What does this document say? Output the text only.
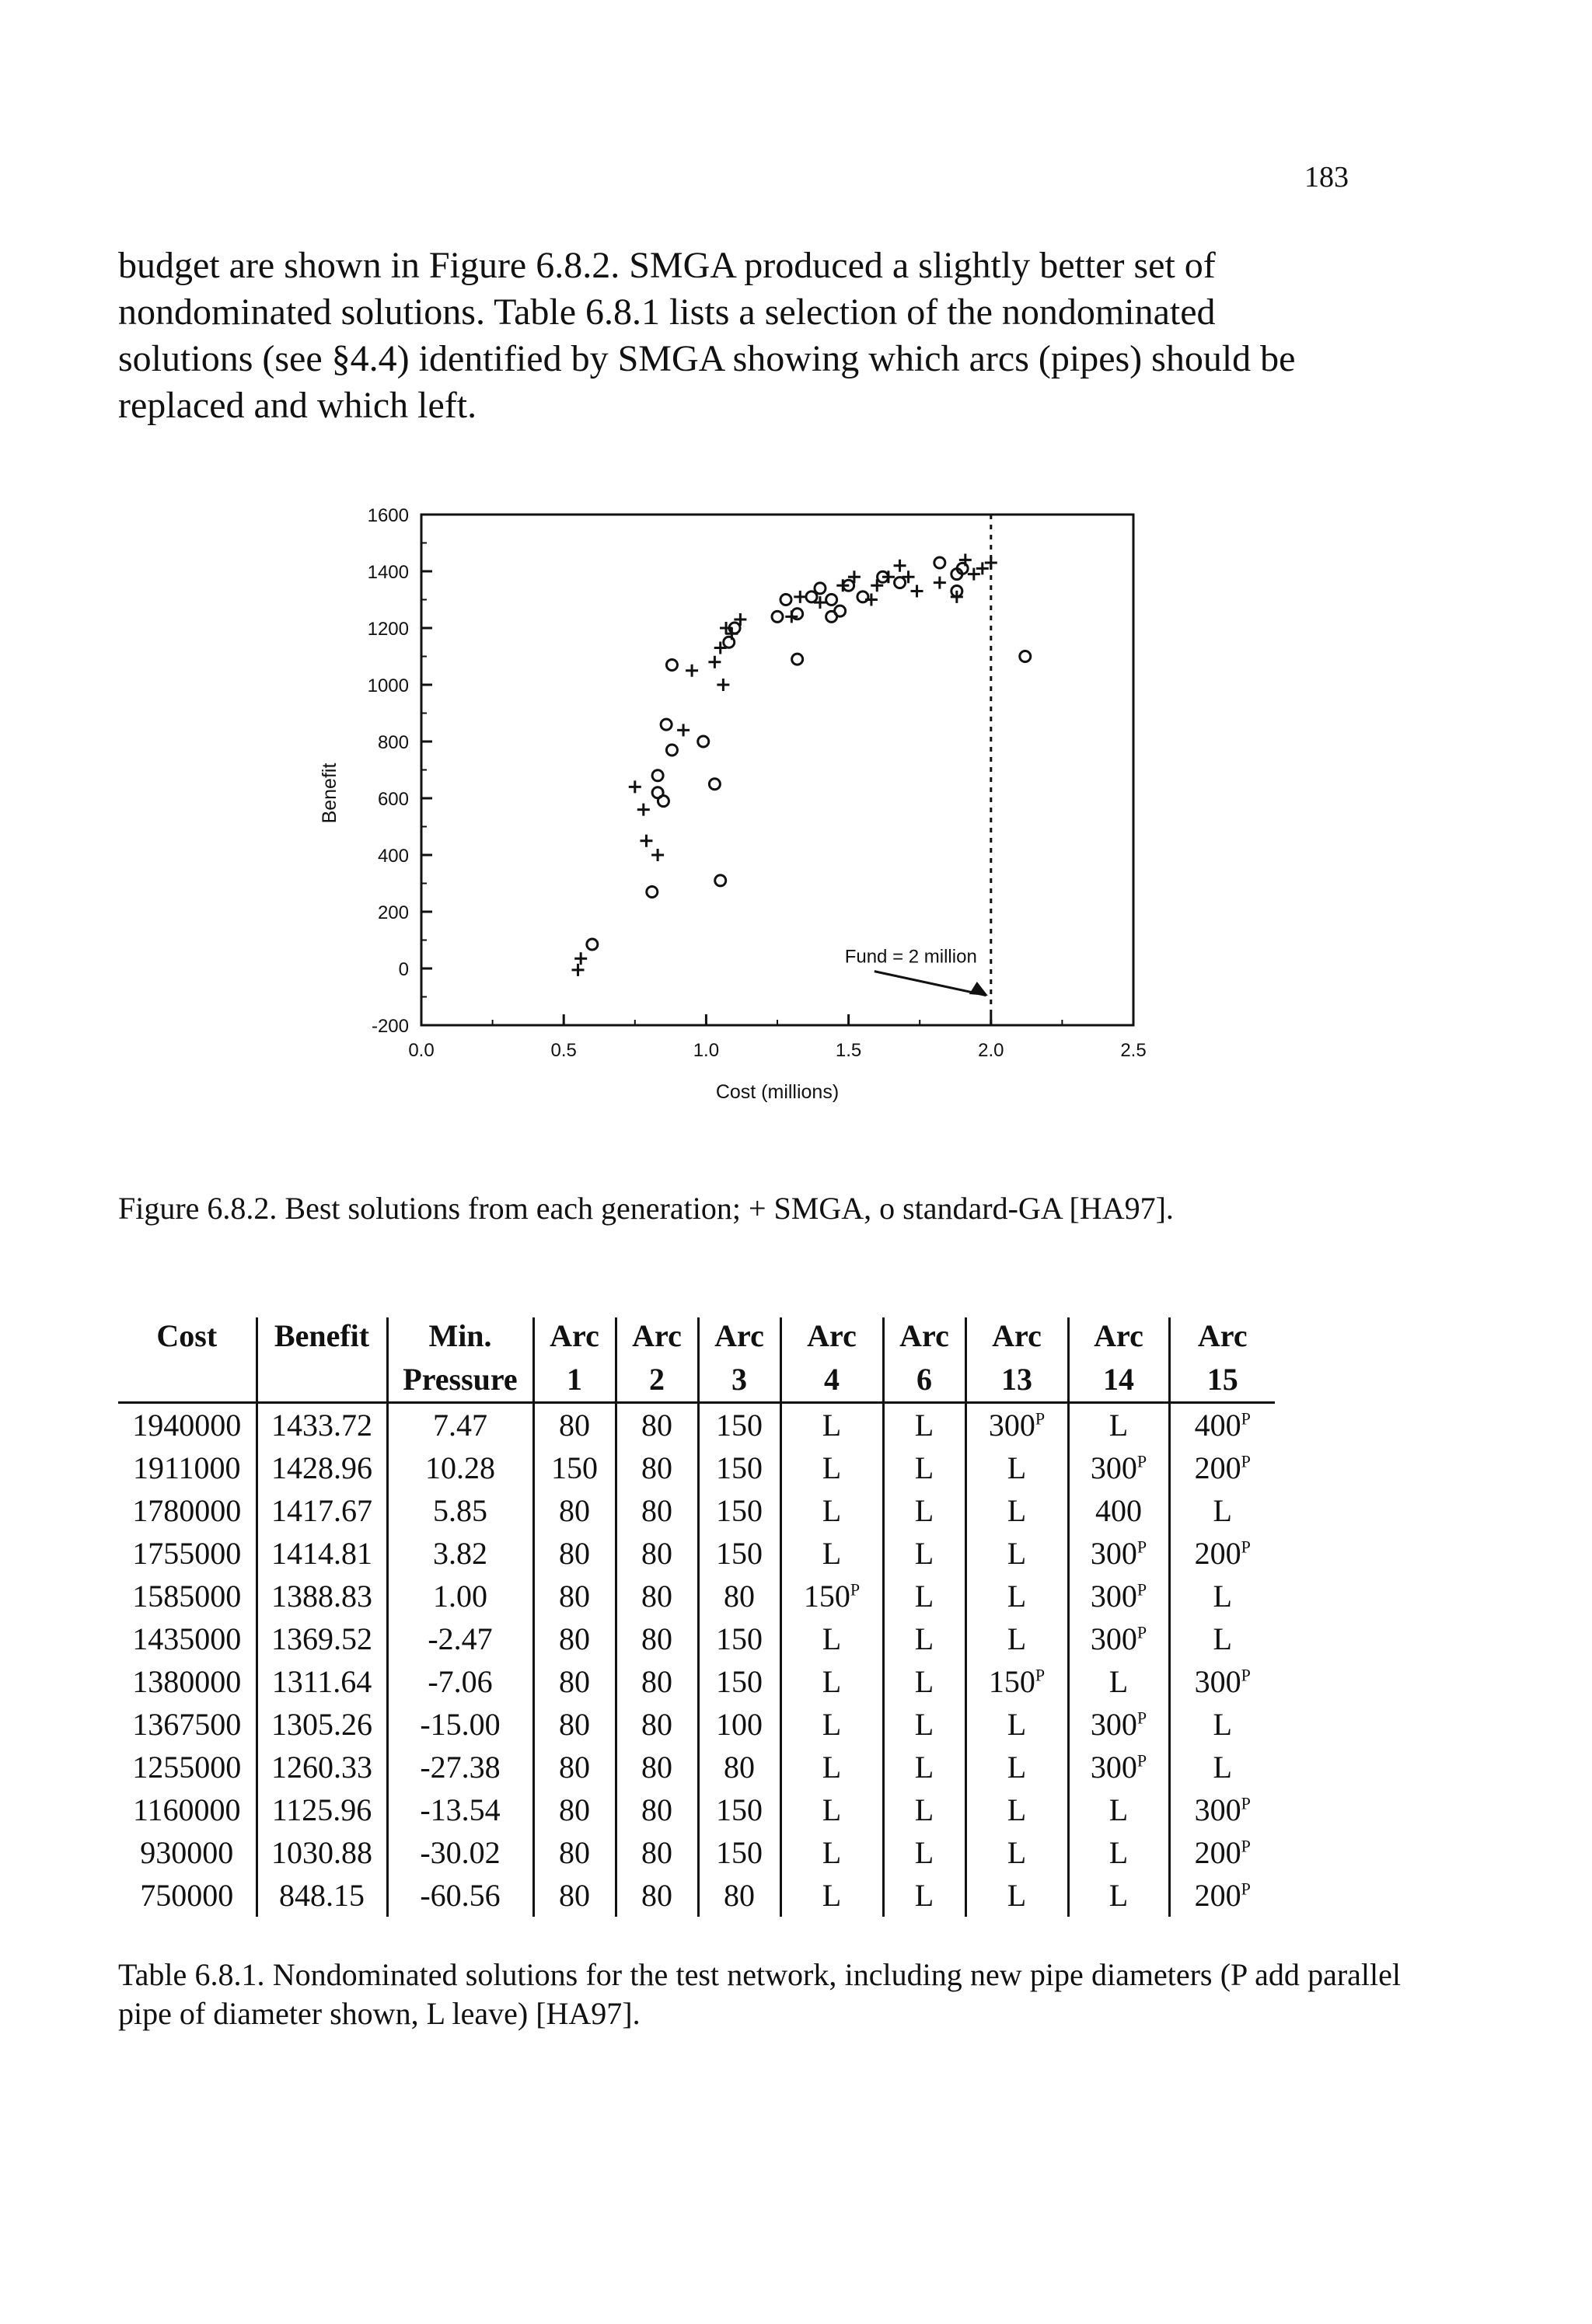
183
budget are shown in Figure 6.8.2. SMGA produced a slightly better set of
nondominated solutions. Table 6.8.1 lists a selection of the nondominated
solutions (see §4.4) identified by SMGA showing which arcs (pipes) should be
replaced and which left.
1600
1400
1200
1000
800
600
400
200
0
-200
0.0	0.5	1.0	1.5	2.0	2.5
Cost (millions)
Benefit
Fund = 2 million
Figure 6.8.2. Best solutions from each generation; + SMGA, o standard-GA [HA97].
Cost	Benefit	Min.	Arc	Arc	Arc	Arc	Arc	Arc	Arc	Arc
		Pressure	1	2	3	4	6	13	14	15
1940000	1433.72	7.47	80	80	150	L	L	$300^P$	L	$400^P$
1911000	1428.96	10.28	150	80	150	L	L	L	$300^P$	$200^P$
1780000	1417.67	5.85	80	80	150	L	L	L	400	L
1755000	1414.81	3.82	80	80	150	L	L	L	$300^P$	$200^P$
1585000	1388.83	1.00	80	80	80	$150^P$	L	L	$300^P$	L
1435000	1369.52	-2.47	80	80	150	L	L	L	$300^P$	L
1380000	1311.64	-7.06	80	80	150	L	L	$150^P$	L	$300^P$
1367500	1305.26	-15.00	80	80	100	L	L	L	$300^P$	L
1255000	1260.33	-27.38	80	80	80	L	L	L	$300^P$	L
1160000	1125.96	-13.54	80	80	150	L	L	L	L	$300^P$
930000	1030.88	-30.02	80	80	150	L	L	L	L	$200^P$
750000	848.15	-60.56	80	80	80	L	L	L	L	$200^P$
Table 6.8.1. Nondominated solutions for the test network, including new pipe diameters (P add parallel pipe of diameter shown, L leave) [HA97].
